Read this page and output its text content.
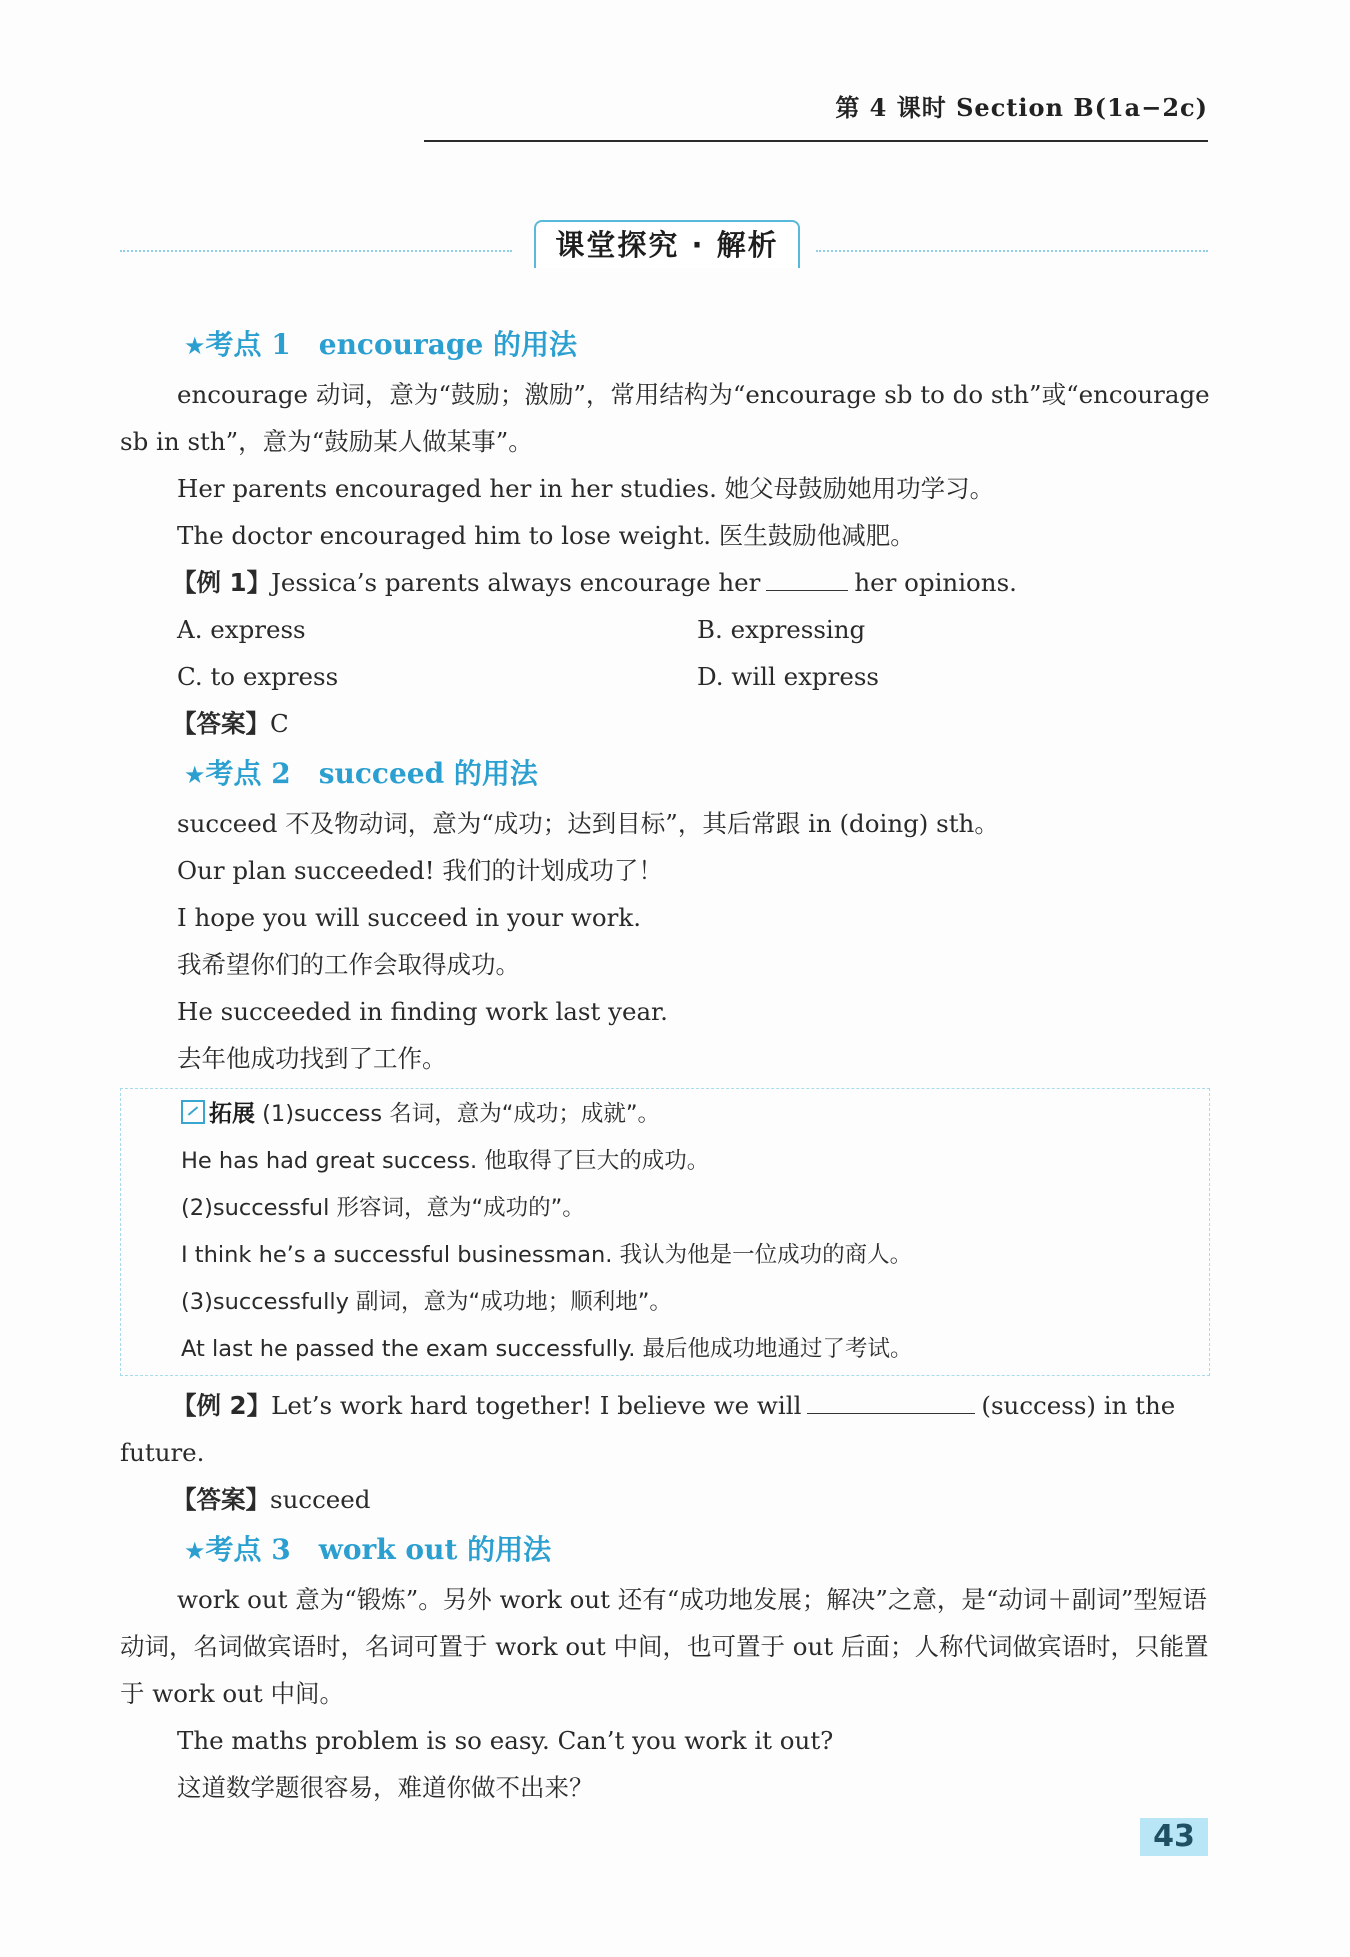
第 4 课时 Section B(1a−2c)
课堂探究 · 解析
★考点 1 encourage 的用法

encourage 动词，意为“鼓励；激励”，常用结构为“encourage sb to do sth”或“encourage sb in sth”，意为“鼓励某人做某事”。

Her parents encouraged her in her studies. 她父母鼓励她用功学习。

The doctor encouraged him to lose weight. 医生鼓励他减肥。

【例 1】Jessica’s parents always encourage her	her opinions.

A. express	B. expressing
C. to express	D. will express

【答案】C

★考点 2 succeed 的用法

succeed 不及物动词，意为“成功；达到目标”，其后常跟 in (doing) sth。

Our plan succeeded! 我们的计划成功了！

I hope you will succeed in your work.

我希望你们的工作会取得成功。

He succeeded in finding work last year.

去年他成功找到了工作。

拓展 (1)success 名词，意为“成功；成就”。

He has had great success. 他取得了巨大的成功。

(2)successful 形容词，意为“成功的”。

I think he’s a successful businessman. 我认为他是一位成功的商人。

(3)successfully 副词，意为“成功地；顺利地”。

At last he passed the exam successfully. 最后他成功地通过了考试。

【例 2】Let’s work hard together! I believe we will	(success) in the future.

【答案】succeed

★考点 3 work out 的用法

work out 意为“锻炼”。另外 work out 还有“成功地发展；解决”之意，是“动词＋副词”型短语动词，名词做宾语时，名词可置于 work out 中间，也可置于 out 后面；人称代词做宾语时，只能置于 work out 中间。

The maths problem is so easy. Can’t you work it out?

这道数学题很容易，难道你做不出来？

43
